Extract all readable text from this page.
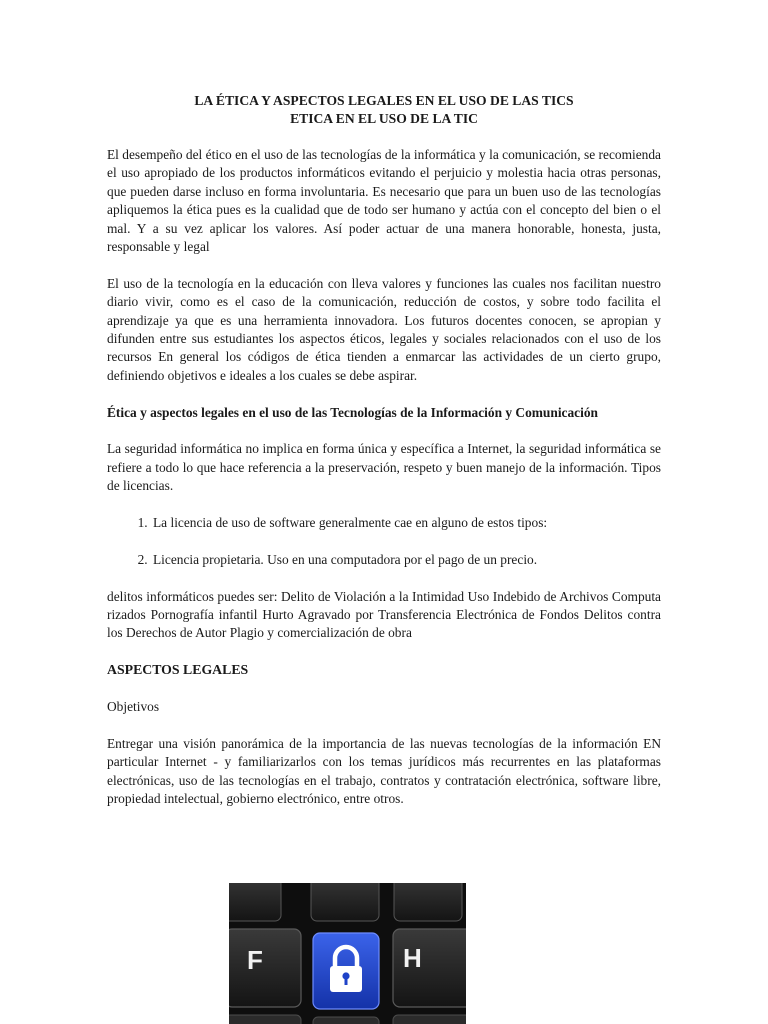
LA ÉTICA Y ASPECTOS LEGALES EN EL USO DE LAS TICS
ETICA EN EL USO DE LA TIC

El desempeño del ético en el uso de las tecnologías de la informática y la comunicación, se recomienda el uso apropiado de los productos informáticos evitando el perjuicio y molestia hacia otras personas, que pueden darse incluso en forma involuntaria. Es necesario que para un buen uso de las tecnologías apliquemos la ética pues es la cualidad que de todo ser humano y actúa con el concepto del bien o el mal. Y a su vez aplicar los valores. Así poder actuar de una manera honorable, honesta, justa, responsable y legal

El uso de la tecnología en la educación con lleva valores y funciones las cuales nos facilitan nuestro diario vivir, como es el caso de la comunicación, reducción de costos, y sobre todo facilita el aprendizaje ya que es una herramienta innovadora. Los futuros docentes conocen, se apropian y difunden entre sus estudiantes los aspectos éticos, legales y sociales relacionados con el uso de los recursos En general los códigos de ética tienden a enmarcar las actividades de un cierto grupo, definiendo objetivos e ideales a los cuales se debe aspirar.

Ética y aspectos legales en el uso de las Tecnologías de la Información y Comunicación

La seguridad informática no implica en forma única y específica a Internet, la seguridad informática se refiere a todo lo que hace referencia a la preservación, respeto y buen manejo de la información. Tipos de licencias.

1. La licencia de uso de software generalmente cae en alguno de estos tipos:
2. Licencia propietaria. Uso en una computadora por el pago de un precio.

delitos informáticos puedes ser: Delito de Violación a la Intimidad Uso Indebido de Archivos Computa rizados Pornografía infantil Hurto Agravado por Transferencia Electrónica de Fondos Delitos contra los Derechos de Autor Plagio y comercialización de obra

ASPECTOS LEGALES

Objetivos

Entregar una visión panorámica de la importancia de las nuevas tecnologías de la información EN particular Internet - y familiarizarlos con los temas jurídicos más recurrentes en las plataformas electrónicas, uso de las tecnologías en el trabajo, contratos y contratación electrónica, software libre, propiedad intelectual, gobierno electrónico, entre otros.

F	H
